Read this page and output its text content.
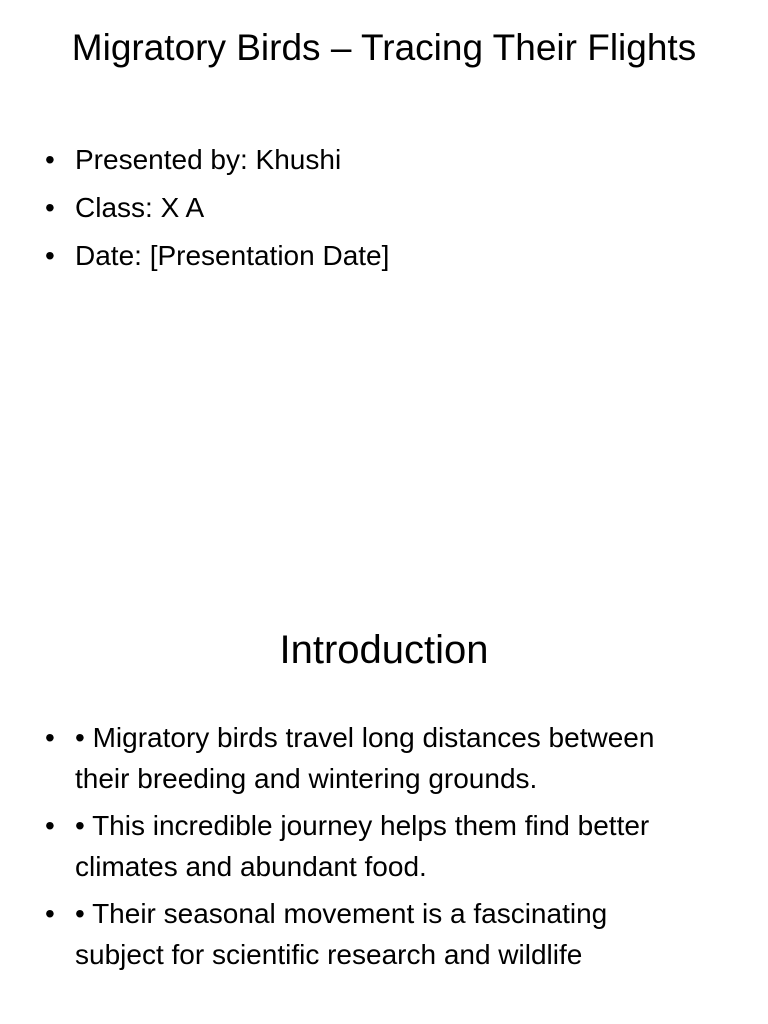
Migratory Birds – Tracing Their Flights
• Presented by: Khushi
• Class: X A
• Date: [Presentation Date]
Introduction
• • Migratory birds travel long distances between their breeding and wintering grounds.
• • This incredible journey helps them find better climates and abundant food.
• • Their seasonal movement is a fascinating subject for scientific research and wildlife
